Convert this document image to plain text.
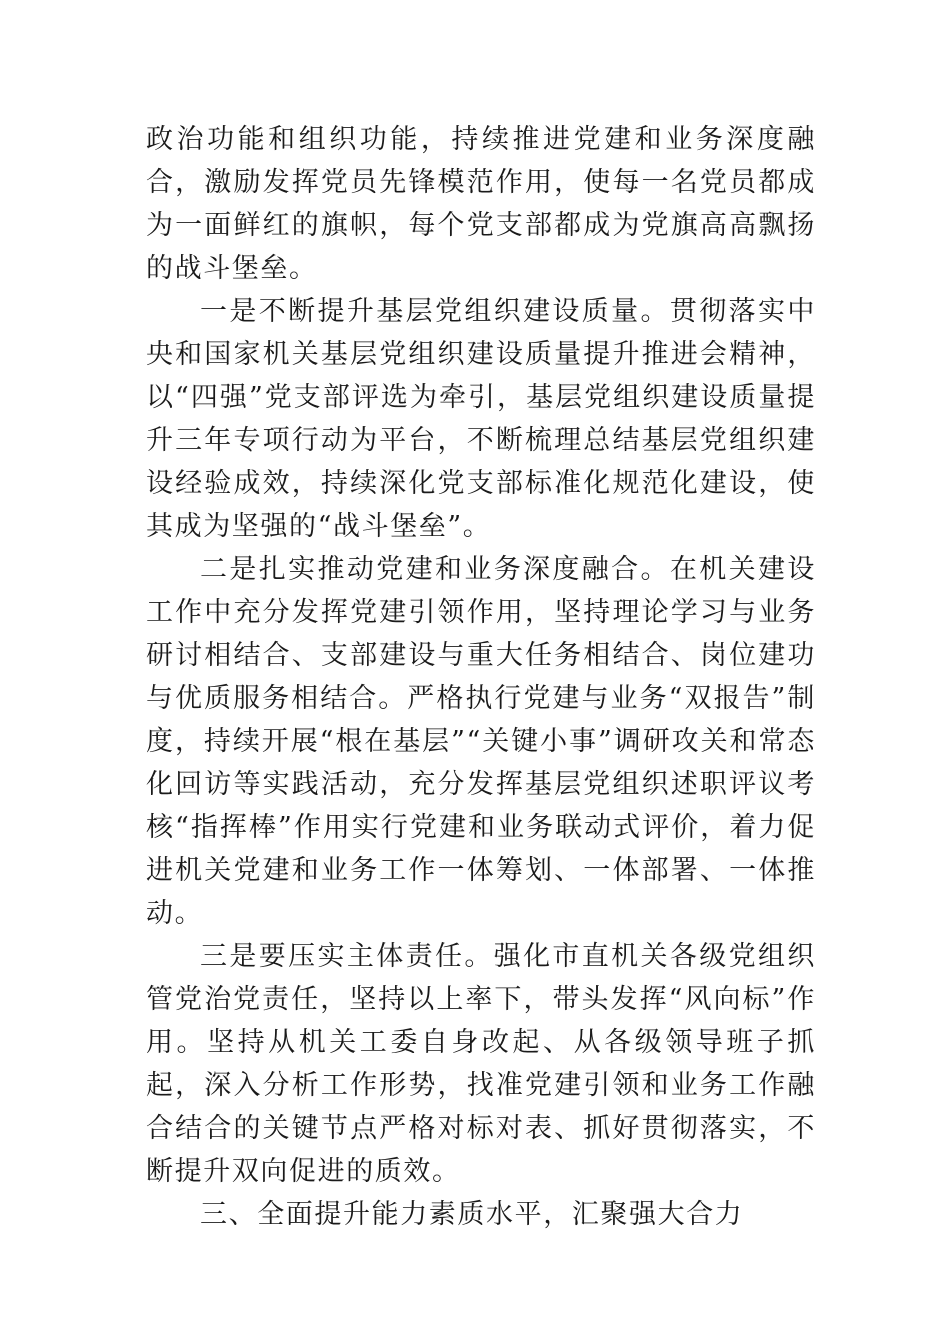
政治功能和组织功能，持续推进党建和业务深度融合，激励发挥党员先锋模范作用，使每一名党员都成为一面鲜红的旗帜，每个党支部都成为党旗高高飘扬的战斗堡垒。

一是不断提升基层党组织建设质量。贯彻落实中央和国家机关基层党组织建设质量提升推进会精神，以“四强”党支部评选为牵引，基层党组织建设质量提升三年专项行动为平台，不断梳理总结基层党组织建设经验成效，持续深化党支部标准化规范化建设，使其成为坚强的“战斗堡垒”。

二是扎实推动党建和业务深度融合。在机关建设工作中充分发挥党建引领作用，坚持理论学习与业务研讨相结合、支部建设与重大任务相结合、岗位建功与优质服务相结合。严格执行党建与业务“双报告”制度，持续开展“根在基层”“关键小事”调研攻关和常态化回访等实践活动，充分发挥基层党组织述职评议考核“指挥棒”作用实行党建和业务联动式评价，着力促进机关党建和业务工作一体筹划、一体部署、一体推动。

三是要压实主体责任。强化市直机关各级党组织管党治党责任，坚持以上率下，带头发挥“风向标”作用。坚持从机关工委自身改起、从各级领导班子抓起，深入分析工作形势，找准党建引领和业务工作融合结合的关键节点严格对标对表、抓好贯彻落实，不断提升双向促进的质效。

三、全面提升能力素质水平，汇聚强大合力
